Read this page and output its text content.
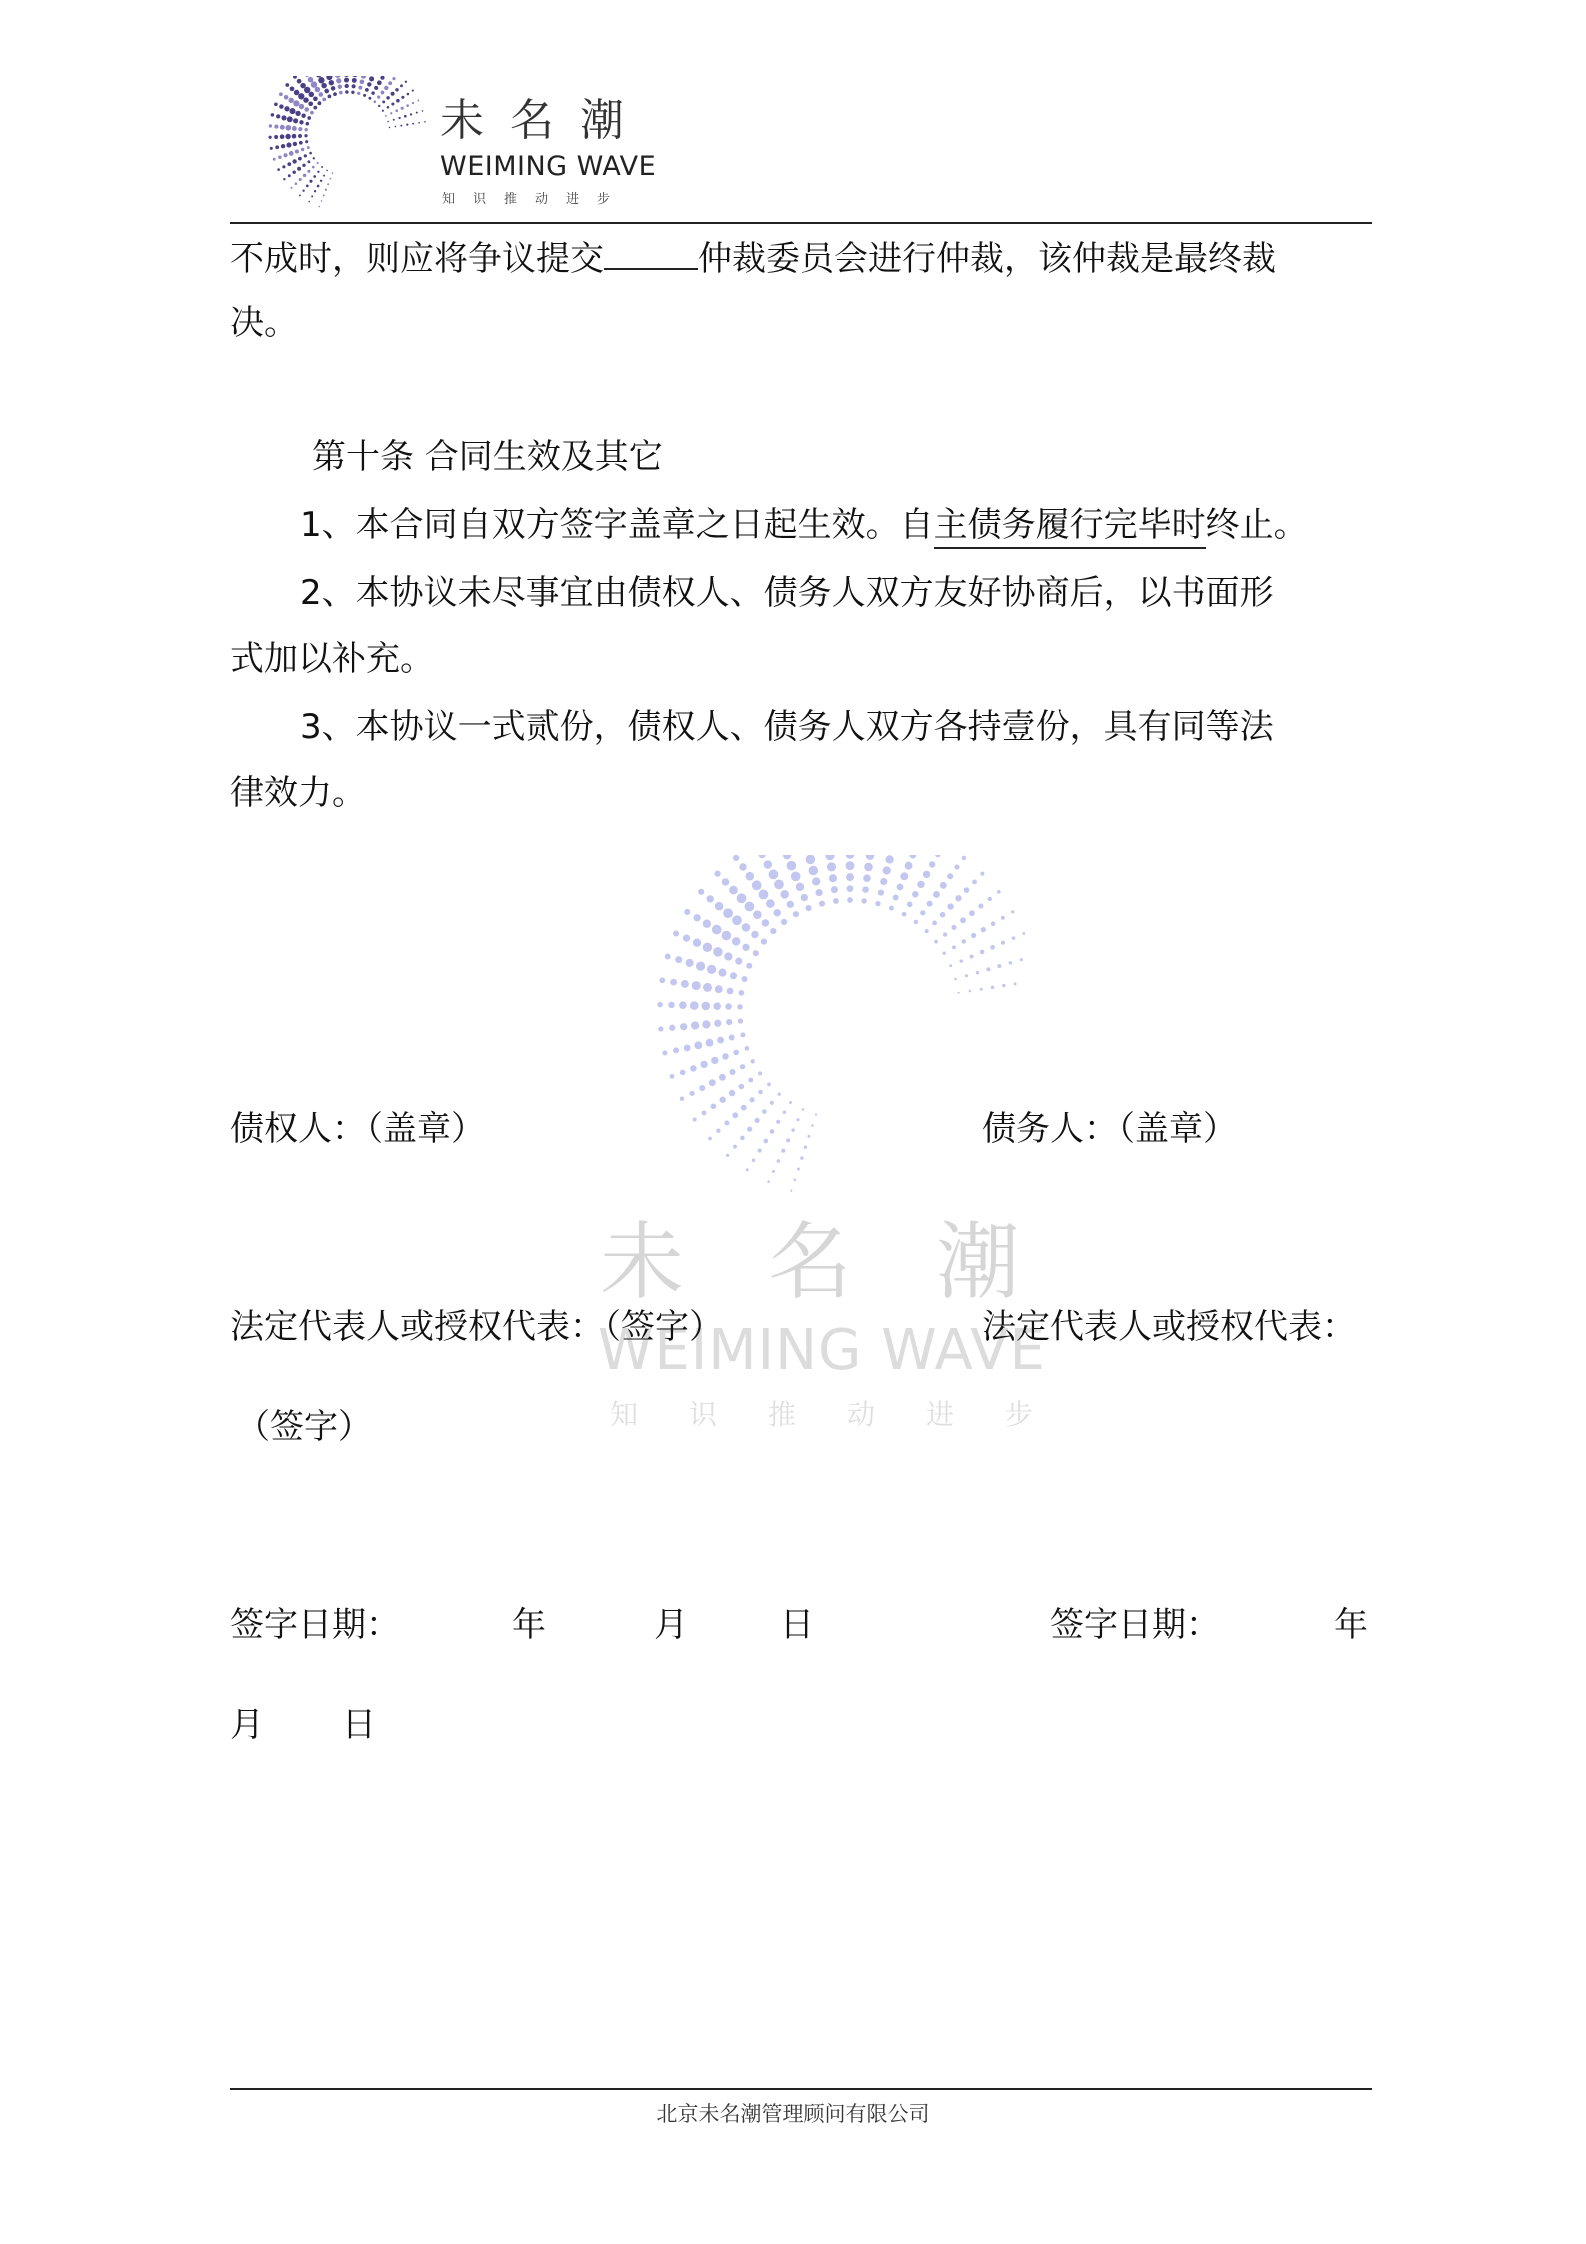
未名潮
WEIMING WAVE
知识推动进步
未名潮
WEIMING WAVE
知识推动进步
不成时，则应将争议提交	仲裁委员会进行仲裁，该仲裁是最终裁
决。
第十条 合同生效及其它
1、本合同自双方签字盖章之日起生效。自主债务履行完毕时终止。
2、本协议未尽事宜由债权人、债务人双方友好协商后，以书面形
式加以补充。
3、本协议一式贰份，债权人、债务人双方各持壹份，具有同等法
律效力。
债权人：（盖章）	债务人：（盖章）
法定代表人或授权代表：（签字）	法定代表人或授权代表：
（签字）
签字日期：	年	月	日	签字日期：	年
月 日
北京未名潮管理顾问有限公司
